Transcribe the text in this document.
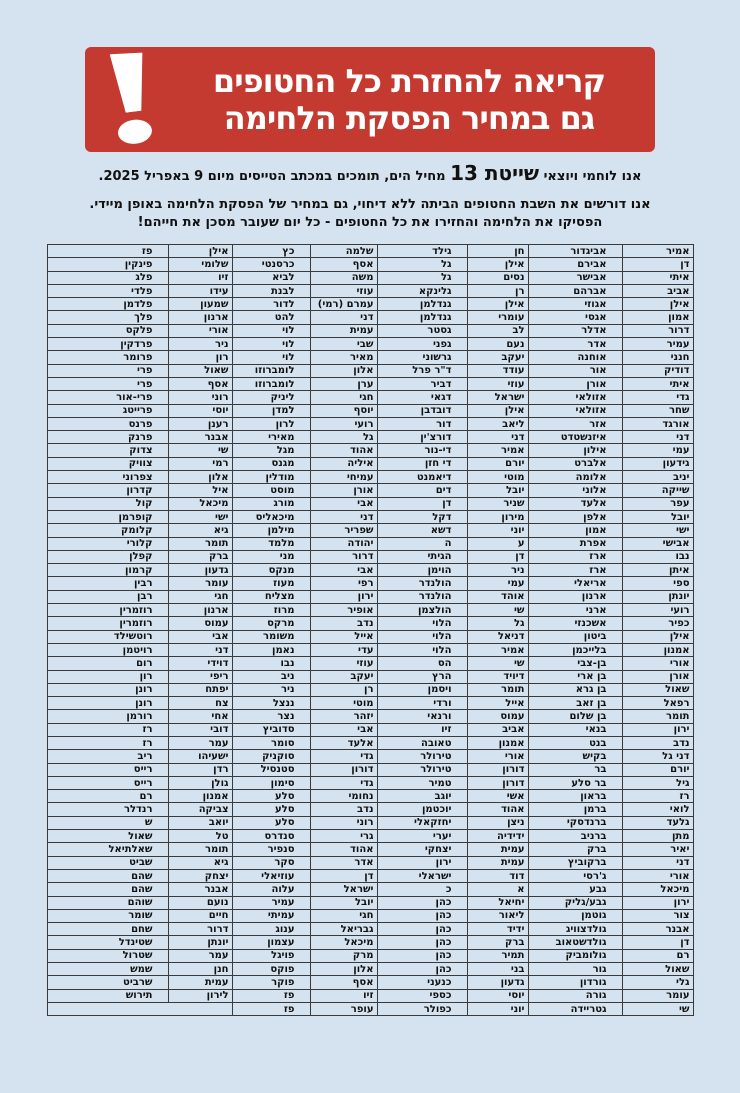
קריאה להחזרת כל החטופים
גם במחיר הפסקת הלחימה
אנו לוחמי ויוצאי שייטת 13 מחיל הים, תומכים במכתב הטייסים מיום 9 באפריל 2025.
אנו דורשים את השבת החטופים הביתה ללא דיחוי, גם במחיר של הפסקת הלחימה באופן מיידי.
הפסיקו את הלחימה והחזירו את כל החטופים - כל יום שעובר מסכן את חייהם!
אמיר	אביגדור	חן	גילד	שלמה	כץ	אילן	פז
דן	אבירם	אילן	גל	אסף	כרסנטי	שלומי	פינקין
איתי	אבישר	נסים	גל	משה	לביא	זיו	פלג
אביב	אברהם	רן	גלינקא	עוזי	לבנת	עידו	פלדי
אילן	אגוזי	אילן	גנדלמן	עמרם (רמי)	לדור	שמעון	פלדמן
אמון	אגסי	עומרי	גנדלמן	דני	להט	ארנון	פלך
דרור	אדלר	לב	גסטר	עמית	לוי	אורי	פלקס
עמיר	אדר	נעם	גפני	שבי	לוי	ניר	פרדקין
חנני	אוחנה	יעקב	גרשוני	מאיר	לוי	רון	פרומר
דודיק	אור	עודד	ד"ר פרל	אלון	לומברוזו	שאול	פרי
איתי	אורן	עוזי	דביר	ערן	לומברוזו	אסף	פרי
גדי	אזולאי	ישראל	דגאי	חגי	ליניק	רוני	פרי-אור
שחר	אזולאי	אילן	דובדבן	יוסף	למדן	יוסי	פרייטג
אורגד	אזר	ליאב	דור	רועי	לרון	רענן	פרנס
דני	איזנשטדט	דני	דורצ'ין	גל	מאירי	אבנר	פרנק
עמי	אילון	אמיר	די-נור	אהוד	מגל	שי	צדוק
גידעון	אלברט	יורם	די חזן	איליה	מגנס	רמי	צוויק
יניב	אלומה	מוטי	דיאמנט	עמיחי	מודלין	אלון	צפרוני
שייקה	אלוני	יובל	דים	אורן	מוסט	איל	קדרון
עפר	אלעד	שניר	דן	אבי	מורג	מיכאל	קול
יובל	אלפן	מירון	דקל	דני	מיכאליס	ישי	קופרמן
ישי	אמון	יוני	דשא	שפריר	מילמן	גיא	קלומק
אבישי	אפרת	ע	ה	יהודה	מלמד	תומר	קלורי
נבו	ארז	דן	הגיתי	דרור	מני	ברק	קפלן
איתן	ארז	ניר	הוימן	אבי	מנקס	גדעון	קרמון
ספי	אריאלי	עמי	הולנדר	רפי	מעוז	עומר	רבין
יונתן	ארנון	אוהד	הולנדר	ירון	מצליח	חגי	רבן
רועי	ארני	שי	הולצמן	אופיר	מרוז	ארנון	רוזמרין
כפיר	אשכנזי	גל	הלוי	נדב	מרקס	עמוס	רוזמרין
אילן	ביטון	דניאל	הלוי	אייל	משומר	אבי	רוטשילד
אמנון	בלייכמן	אמיר	הלוי	עדי	נאמן	דני	רויטמן
אורי	בן-צבי	שי	הס	עוזי	נבו	דוידי	רום
אורן	בן ארי	דיויד	הרץ	יעקב	ניב	ריפי	רון
שאול	בן גרא	תומר	ויסמן	רן	ניר	יפתח	רונן
רפאל	בן זאב	אייל	ורדי	מוטי	ננצל	צח	רונן
תומר	בן שלום	עמוס	ורנאי	יזהר	נצר	אחי	רורמן
ירון	בנאי	אביב	זיו	אבי	סדוביץ	דובי	רז
נדב	בנט	אמנון	טאובה	אלעד	סומר	עמר	רז
דני גל	בקיש	אורי	טירולר	גדי	סוקניק	ישעיהו	ריב
יורם	בר	דורון	טירולר	דורון	סטנסיל	רדן	רייס
גיל	בר סלע	דורון	טמיר	גדי	סימון	גולן	רייס
רז	בראון	אשי	יוגב	נחומי	סלע	אמנון	רם
לואי	ברמן	אהוד	יוכטמן	נדב	סלע	צביקה	רנדלר
גלעד	ברנדסקי	ניצן	יחזקאלי	רוני	סלע	יואב	ש
מתן	ברניב	ידידיה	יערי	גרי	סנדרס	טל	שאול
יאיר	ברק	עמית	יצחקי	אהוד	סנפיר	תומר	שאלתיאל
דני	ברקוביץ	עמית	ירון	אדר	סקר	גיא	שביט
אורי	ג'רסי	דוד	ישראלי	דן	עוזיאלי	יצחק	שהם
מיכאל	גבע	א	כ	ישראל	עלוה	אבנר	שהם
ירון	גבע/גליק	יחיאל	כהן	יובל	עמיר	נועם	שוהם
צור	גוטמן	ליאור	כהן	חגי	עמיתי	חיים	שומר
אבנר	גולדצוויג	ידיד	כהן	גבריאל	ענוג	דרור	שחם
דן	גולדשטאוב	ברק	כהן	מיכאל	עצמון	יונתן	שטינדל
רם	גולומביק	תמיר	כהן	מרק	פויגל	עמר	שטרול
שאול	גור	בני	כהן	אלון	פוקס	חנן	שמש
גלי	גורדון	גדעון	כנעני	אסף	פוקר	עמית	שרביט
עומר	גורה	יוסי	כספי	זיו	פז	לירון	תירוש
שי	גטריידה	יוני	כפולר	עופר	פז		
